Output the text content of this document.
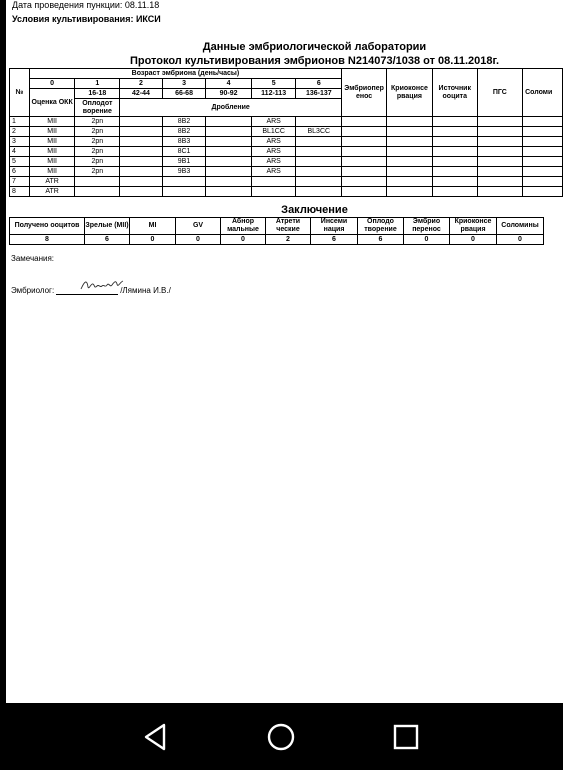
Дата проведения пункции: 08.11.18
Условия культивирования: ИКСИ
Данные эмбриологической лаборатории
Протокол культивирования эмбрионов N214073/1038 от 08.11.2018г.
№	Возраст эмбриона (день/часы)							Эмбриопер енос	Криоконсе рвация	Источник ооцита	ПГС	Соломи
	0	1	2	3	4	5	6					
	Оценка ОКК	16-18	42-44	66-68	90-92	112-113	136-137					
		Оплодот ворение	Дробление									
1	MII	2pn		8B2		ARS						
2	MII	2pn		8B2		BL1CC	BL3CC					
3	MII	2pn		8B3		ARS						
4	MII	2pn		8C1		ARS						
5	MII	2pn		9B1		ARS						
6	MII	2pn		9B3		ARS						
7	ATR											
8	ATR											
Заключение
Получено ооцитов	Зрелые (MII)	MI	GV	Абнор мальные	Атрети ческие	Инсеми нация	Оплодо творение	Эмбрио перенос	Криоконсе рвация	Соломины
8	6	0	0	0	2	6	6	0	0	0
Замечания:
Эмбриолог:	/Лямина И.В./
